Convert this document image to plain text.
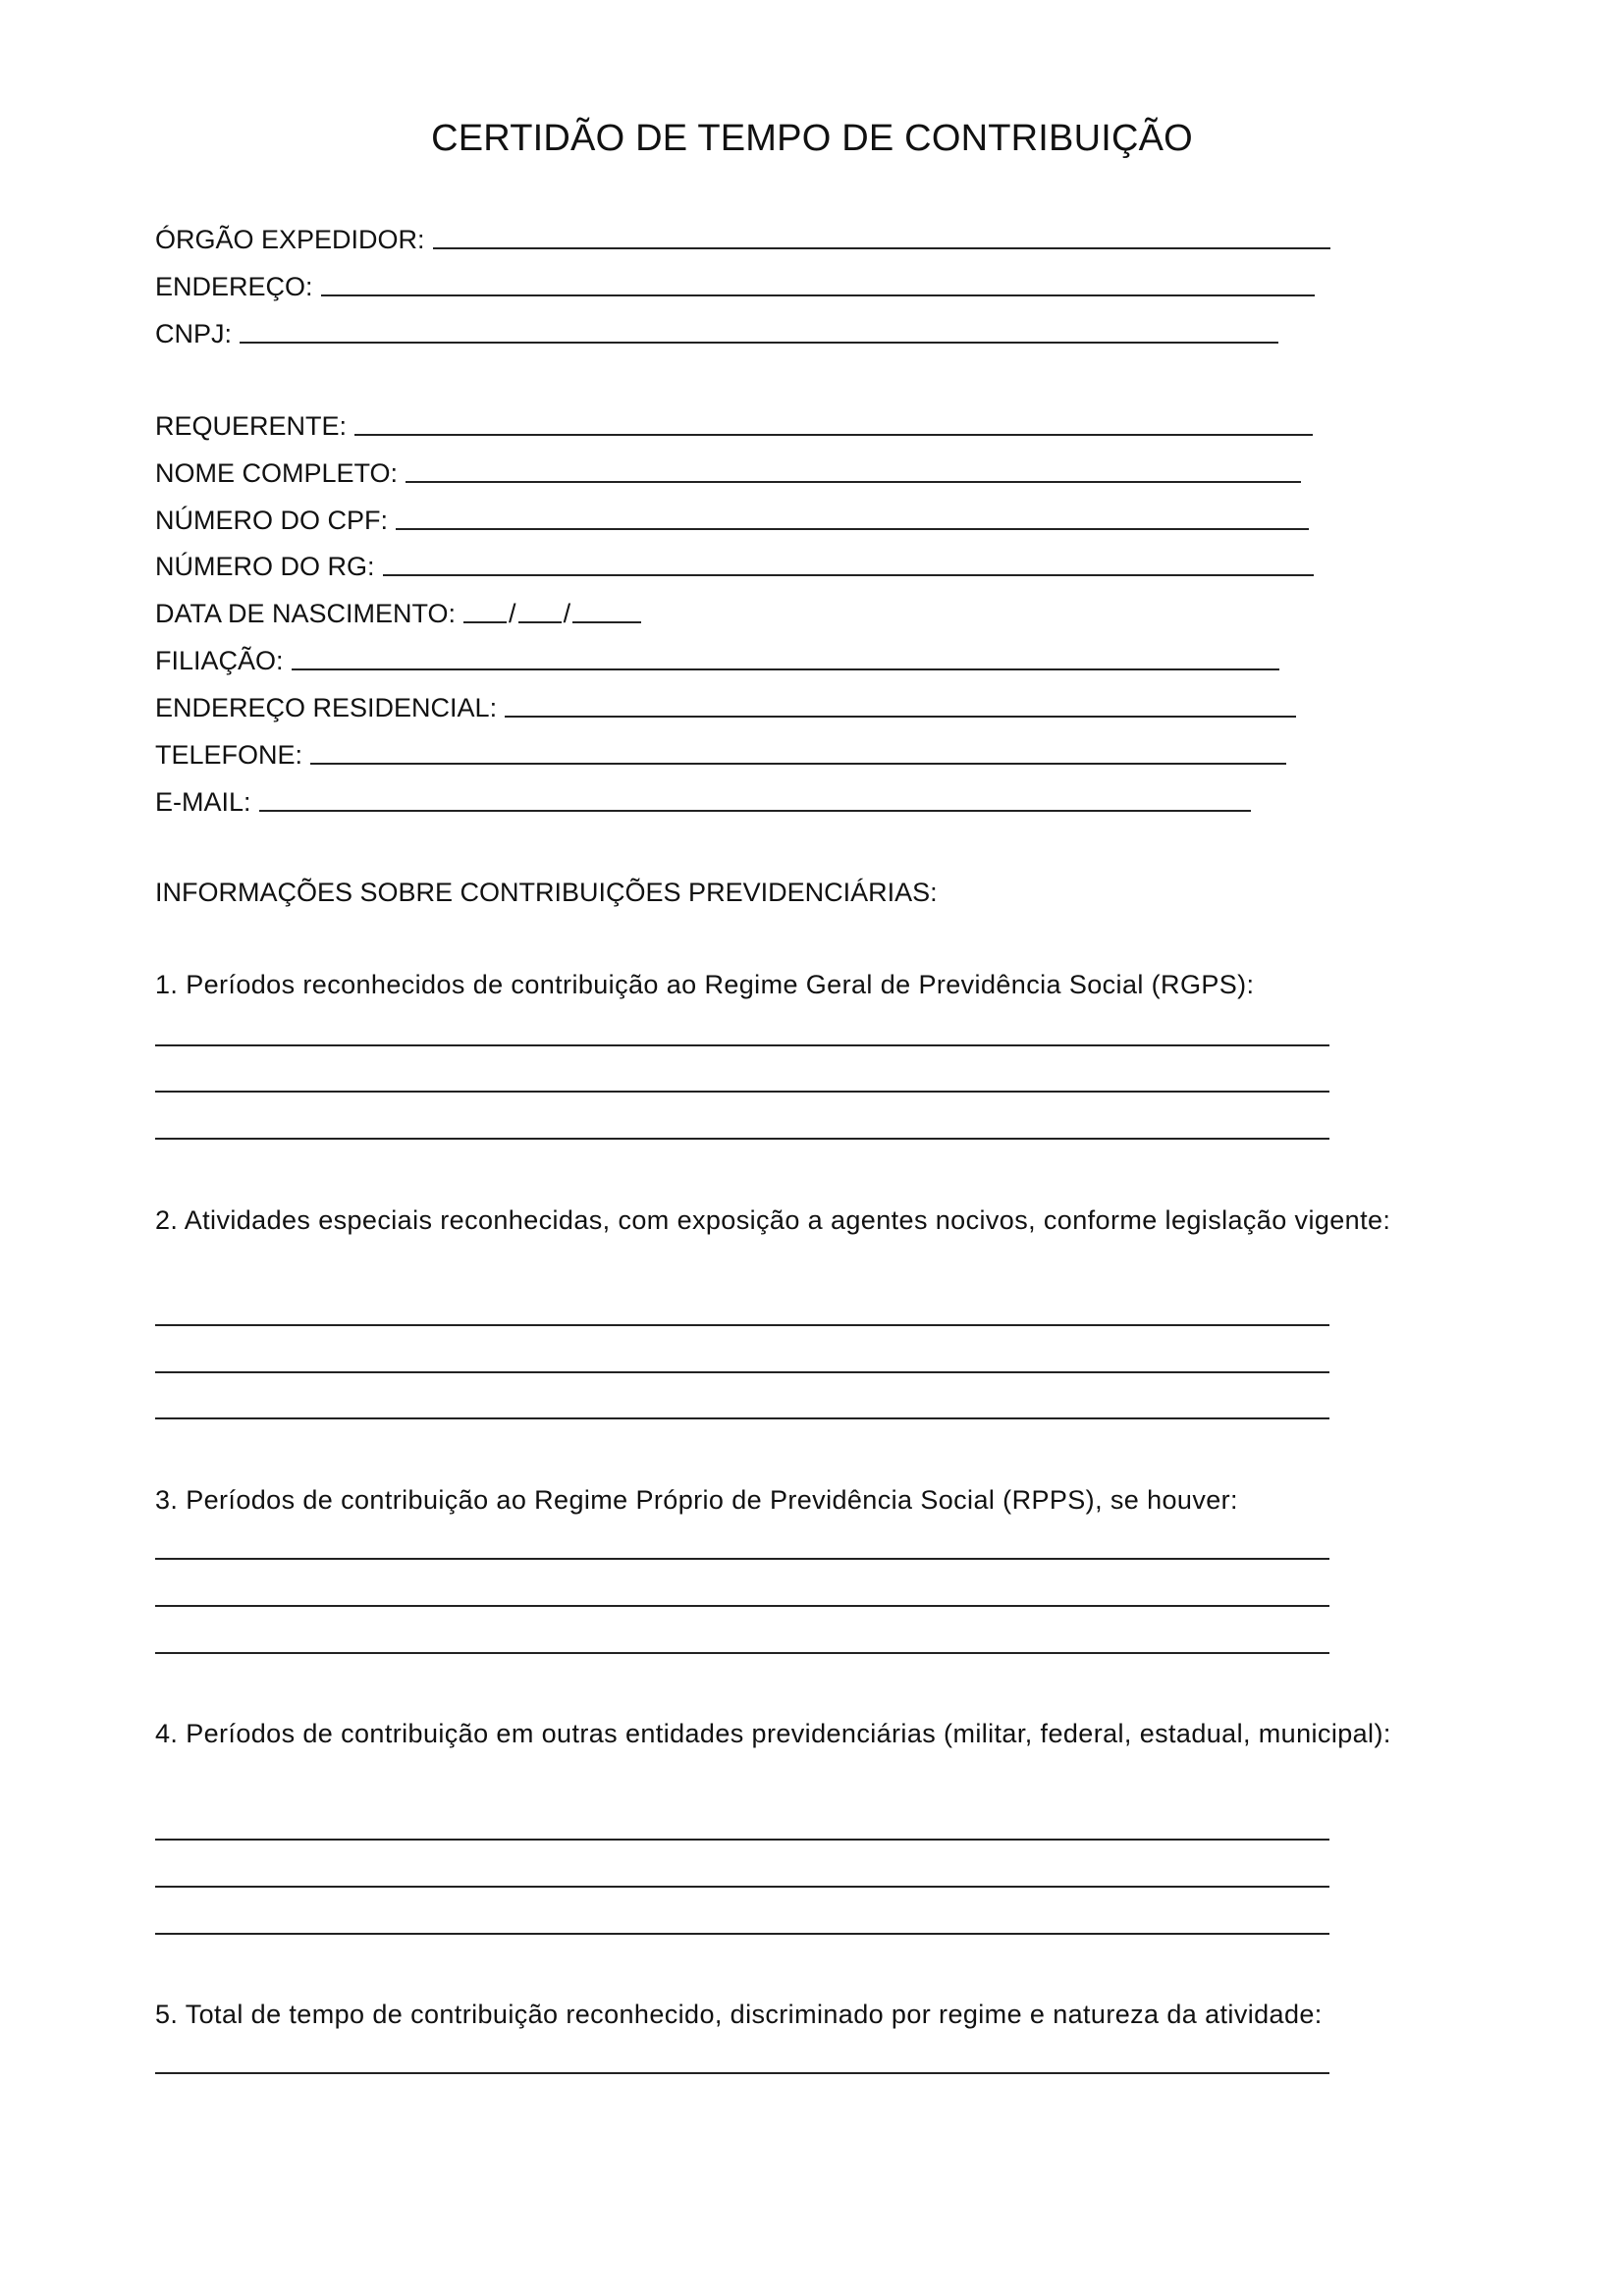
CERTIDÃO DE TEMPO DE CONTRIBUIÇÃO
ÓRGÃO EXPEDIDOR:
ENDEREÇO:
CNPJ:
REQUERENTE:
NOME COMPLETO:
NÚMERO DO CPF:
NÚMERO DO RG:
DATA DE NASCIMENTO: / /
FILIAÇÃO:
ENDEREÇO RESIDENCIAL:
TELEFONE:
E-MAIL:
INFORMAÇÕES SOBRE CONTRIBUIÇÕES PREVIDENCIÁRIAS:
1. Períodos reconhecidos de contribuição ao Regime Geral de Previdência Social (RGPS):
2. Atividades especiais reconhecidas, com exposição a agentes nocivos, conforme legislação vigente:
3. Períodos de contribuição ao Regime Próprio de Previdência Social (RPPS), se houver:
4. Períodos de contribuição em outras entidades previdenciárias (militar, federal, estadual, municipal):
5. Total de tempo de contribuição reconhecido, discriminado por regime e natureza da atividade:
